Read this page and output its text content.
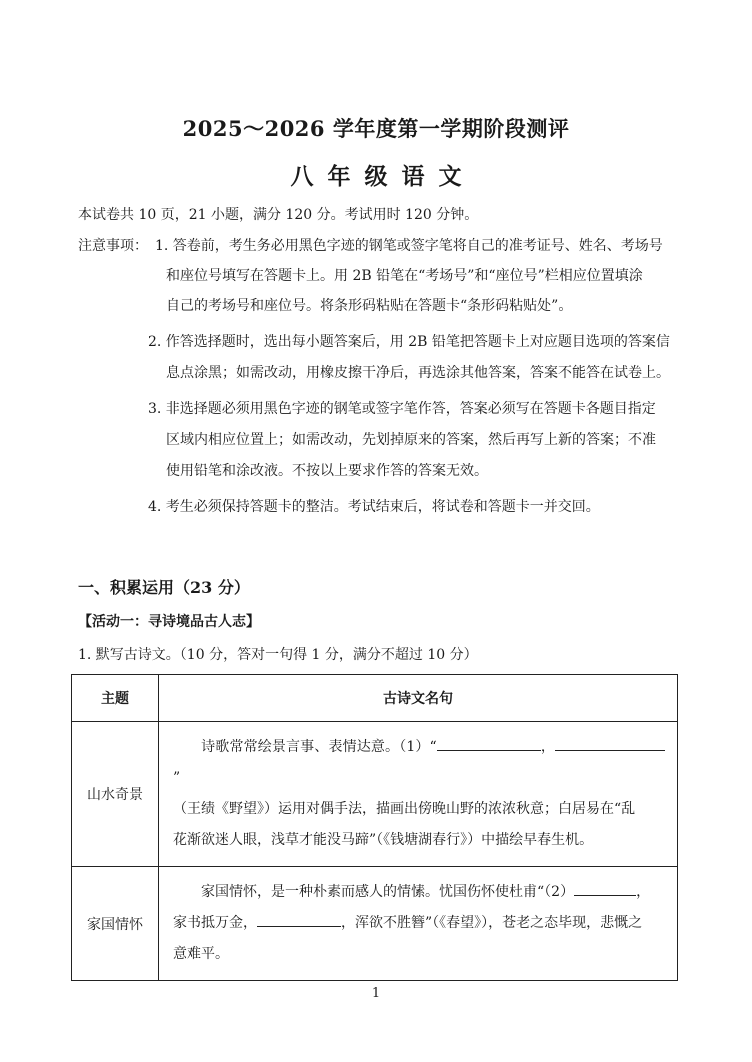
2025～2026 学年度第一学期阶段测评
八年级语文
本试卷共 10 页，21 小题，满分 120 分。考试用时 120 分钟。
注意事项： 1. 答卷前，考生务必用黑色字迹的钢笔或签字笔将自己的准考证号、姓名、考场号
和座位号填写在答题卡上。用 2B 铅笔在“考场号”和“座位号”栏相应位置填涂
自己的考场号和座位号。将条形码粘贴在答题卡“条形码粘贴处”。
2. 作答选择题时，选出每小题答案后，用 2B 铅笔把答题卡上对应题目选项的答案信
息点涂黑；如需改动，用橡皮擦干净后，再选涂其他答案，答案不能答在试卷上。
3. 非选择题必须用黑色字迹的钢笔或签字笔作答，答案必须写在答题卡各题目指定
区域内相应位置上；如需改动，先划掉原来的答案，然后再写上新的答案；不准
使用铅笔和涂改液。不按以上要求作答的答案无效。
4. 考生必须保持答题卡的整洁。考试结束后，将试卷和答题卡一并交回。
一、积累运用（23 分）
【活动一：寻诗境品古人志】
1. 默写古诗文。（10 分，答对一句得 1 分，满分不超过 10 分）
主题	古诗文名句
山水奇景	诗歌常常绘景言事、表情达意。（1）“ ，”
（王绩《野望》）运用对偶手法，描画出傍晚山野的浓浓秋意；白居易在“乱
花渐欲迷人眼，浅草才能没马蹄”（《钱塘湖春行》）中描绘早春生机。
家国情怀	家国情怀，是一种朴素而感人的情愫。忧国伤怀使杜甫“（2） ，
家书抵万金， ，浑欲不胜簪”（《春望》），苍老之态毕现，悲慨之
意难平。
1
